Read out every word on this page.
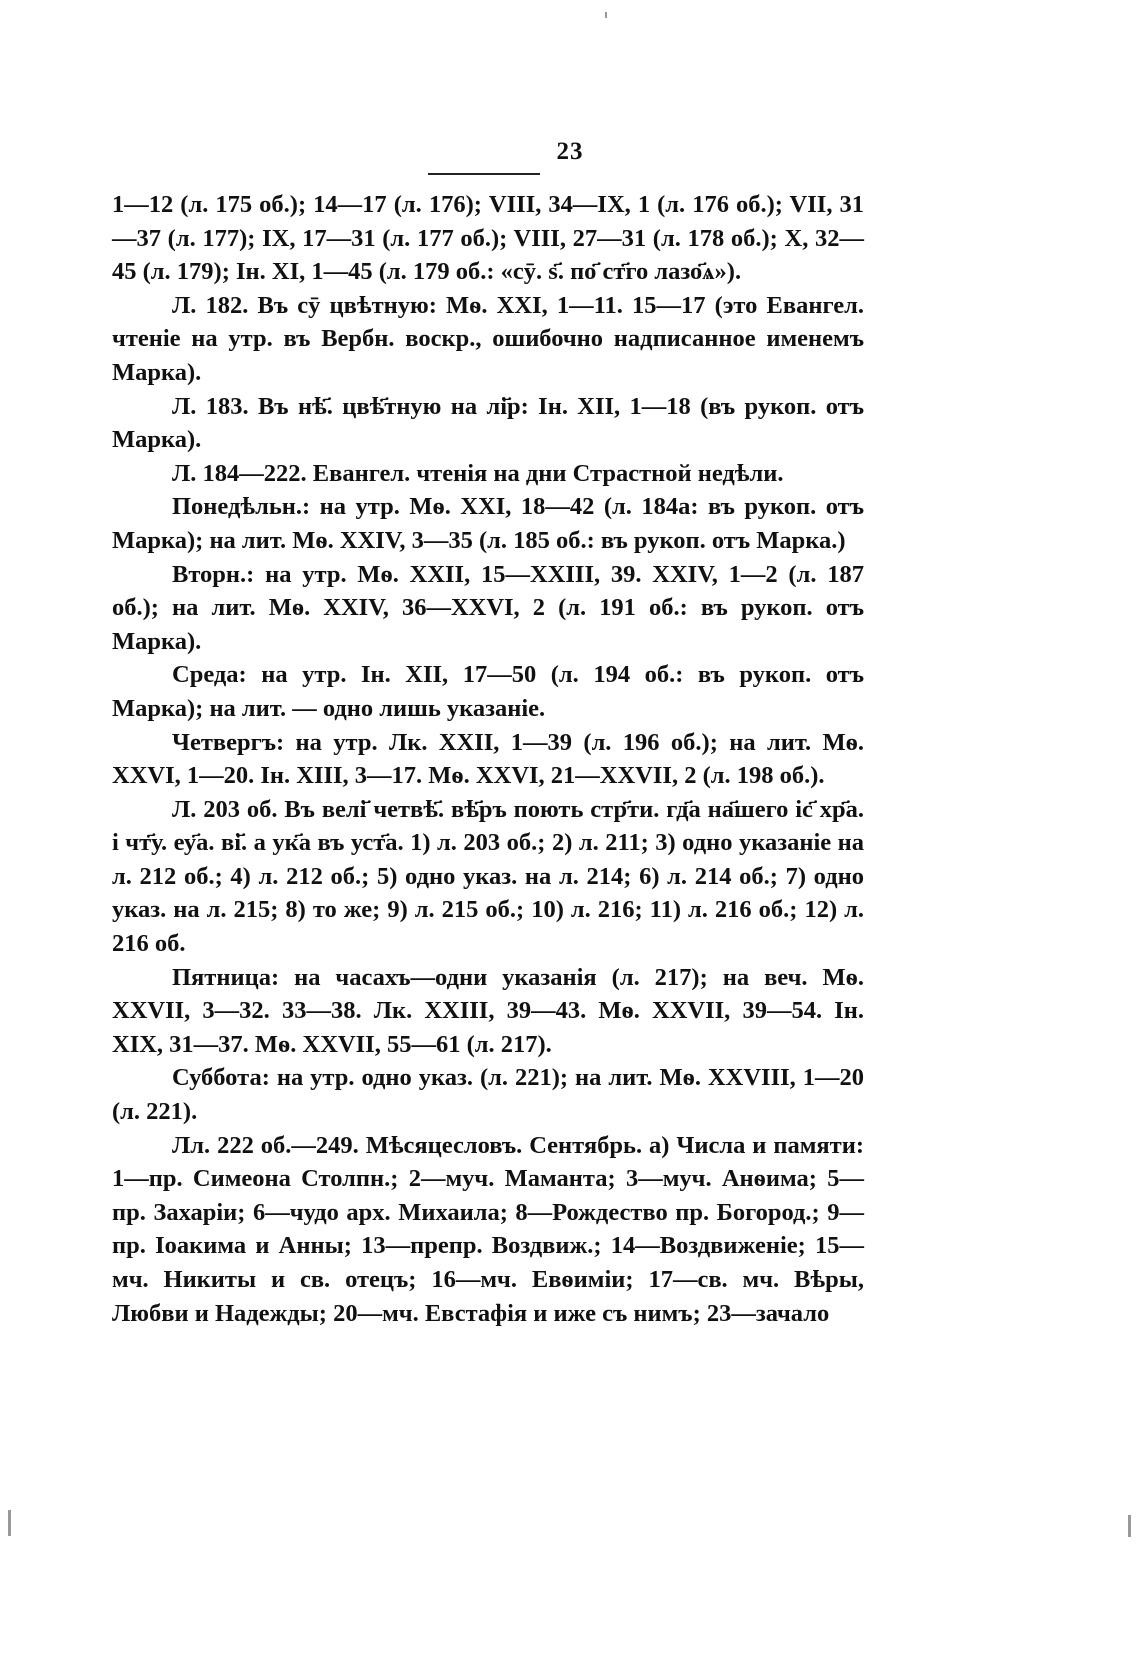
23

1—12 (л. 175 об.); 14—17 (л. 176); VIII, 34—IX, 1 (л. 176 об.); VII, 31—37 (л. 177); IX, 17—31 (л. 177 об.); VIII, 27—31 (л. 178 об.); X, 32—45 (л. 179); Ін. XI, 1—45 (л. 179 об.: «сӯ. ѕ҃. по҃ ст҃го лазо҃ѧ»).

Л. 182. Въ сӯ цвѣтную: Мѳ. XXI, 1—11. 15—17 (это Евангел. чтеніе на утр. въ Вербн. воскр., ошибочно надписанное именемъ Марка).

Л. 183. Въ нѣ҃. цвѣ҃тную на лі҃р: Ін. XII, 1—18 (въ рукоп. отъ Марка).

Л. 184—222. Евангел. чтенія на дни Страстной недѣли.

Понедѣльн.: на утр. Мѳ. XXI, 18—42 (л. 184а: въ рукоп. отъ Марка); на лит. Мѳ. XXIV, 3—35 (л. 185 об.: въ рукоп. отъ Марка.)

Вторн.: на утр. Мѳ. XXII, 15—XXIII, 39. XXIV, 1—2 (л. 187 об.); на лит. Мѳ. XXIV, 36—XXVI, 2 (л. 191 об.: въ рукоп. отъ Марка).

Среда: на утр. Ін. XII, 17—50 (л. 194 об.: въ рукоп. отъ Марка); на лит. — одно лишь указаніе.

Четвергъ: на утр. Лк. XXII, 1—39 (л. 196 об.); на лит. Мѳ. XXVI, 1—20. Ін. XIII, 3—17. Мѳ. XXVI, 21—XXVII, 2 (л. 198 об.).

Л. 203 об. Въ велі҃ четвѣ҃. вѣ҃ръ поють стр҃ти. гд҃а на҃шего іс҃ хр҃а. і чт҃у. еу҃а. ві҃. а ук҃а въ уст҃а. 1) л. 203 об.; 2) л. 211; 3) одно указаніе на л. 212 об.; 4) л. 212 об.; 5) одно указ. на л. 214; 6) л. 214 об.; 7) одно указ. на л. 215; 8) то же; 9) л. 215 об.; 10) л. 216; 11) л. 216 об.; 12) л. 216 об.

Пятница: на часахъ—одни указанія (л. 217); на веч. Мѳ. XXVII, 3—32. 33—38. Лк. XXIII, 39—43. Мѳ. XXVII, 39—54. Ін. XIX, 31—37. Мѳ. XXVII, 55—61 (л. 217).

Суббота: на утр. одно указ. (л. 221); на лит. Мѳ. XXVIII, 1—20 (л. 221).

Лл. 222 об.—249. Мѣсяцесловъ. Сентябрь. а) Числа и памяти: 1—пр. Симеона Столпн.; 2—муч. Маманта; 3—муч. Анѳима; 5—пр. Захаріи; 6—чудо арх. Михаила; 8—Рождество пр. Богород.; 9—пр. Іоакима и Анны; 13—препр. Воздвиж.; 14—Воздвиженіе; 15—мч. Никиты и св. отецъ; 16—мч. Евѳиміи; 17—св. мч. Вѣры, Любви и Надежды; 20—мч. Евстафія и иже съ нимъ; 23—зачало
